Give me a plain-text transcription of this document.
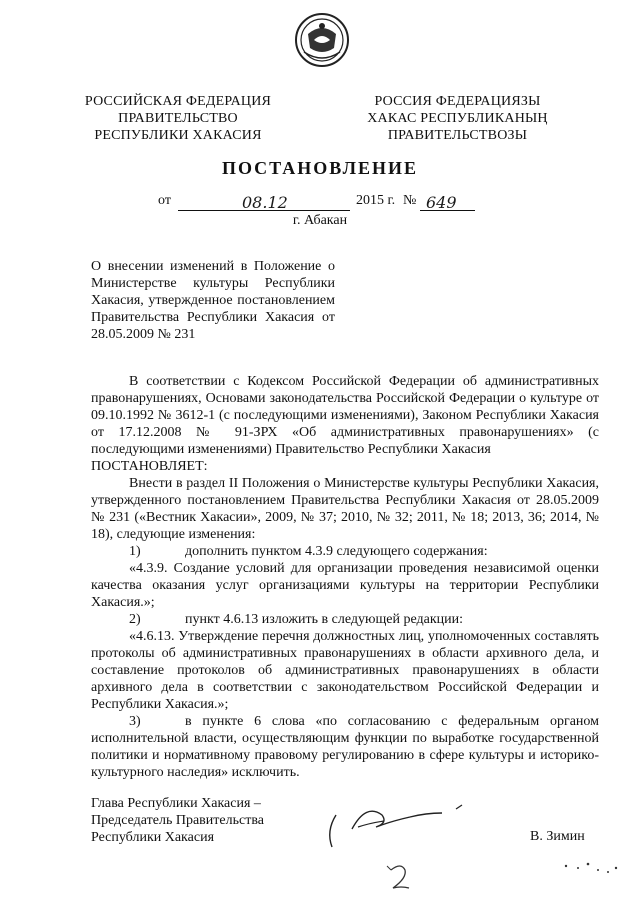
РОССИЙСКАЯ ФЕДЕРАЦИЯ
ПРАВИТЕЛЬСТВО
РЕСПУБЛИКИ ХАКАСИЯ
РОССИЯ ФЕДЕРАЦИЯЗЫ
ХАКАС РЕСПУБЛИКАНЫҢ
ПРАВИТЕЛЬСТВОЗЫ
ПОСТАНОВЛЕНИЕ
от	08.12	2015 г. № 649
г. Абакан
О внесении изменений в Положение о Министерстве культуры Республики Хакасия, утвержденное постановлением Правительства Республики Хакасия от 28.05.2009 № 231

В соответствии с Кодексом Российской Федерации об административных правонарушениях, Основами законодательства Российской Федерации о культуре от 09.10.1992 № 3612-1 (с последующими изменениями), Законом Республики Хакасия от 17.12.2008 № 91-ЗРХ «Об административных правонарушениях» (с последующими изменениями) Правительство Республики Хакасия

ПОСТАНОВЛЯЕТ:

Внести в раздел II Положения о Министерстве культуры Республики Хакасия, утвержденного постановлением Правительства Республики Хакасия от 28.05.2009 № 231 («Вестник Хакасии», 2009, № 37; 2010, № 32; 2011, № 18; 2013, 36; 2014, № 18), следующие изменения:

1)	дополнить пунктом 4.3.9 следующего содержания:

«4.3.9. Создание условий для организации проведения независимой оценки качества оказания услуг организациями культуры на территории Республики Хакасия.»;

2)	пункт 4.6.13 изложить в следующей редакции:

«4.6.13. Утверждение перечня должностных лиц, уполномоченных составлять протоколы об административных правонарушениях в области архивного дела, и составление протоколов об административных правонарушениях в области архивного дела в соответствии с законодательством Российской Федерации и Республики Хакасия.»;

3)	в пункте 6 слова «по согласованию с федеральным органом исполнительной власти, осуществляющим функции по выработке государственной политики и нормативному правовому регулированию в сфере культуры и историко-культурного наследия» исключить.

Глава Республики Хакасия –
Председатель Правительства
Республики Хакасия	В. Зимин
